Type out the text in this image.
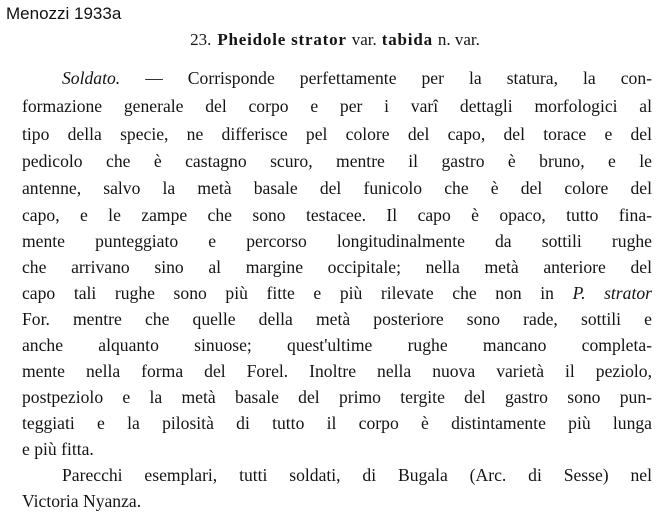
Menozzi 1933a
23. Pheidole strator var. tabida n. var.
Soldato. — Corrisponde perfettamente per la statura, la con-
formazione generale del corpo e per i varî dettagli morfologici al
tipo della specie, ne differisce pel colore del capo, del torace e del
pedicolo che è castagno scuro, mentre il gastro è bruno, e le
antenne, salvo la metà basale del funicolo che è del colore del
capo, e le zampe che sono testacee. Il capo è opaco, tutto fina-
mente punteggiato e percorso longitudinalmente da sottili rughe
che arrivano sino al margine occipitale; nella metà anteriore del
capo tali rughe sono più fitte e più rilevate che non in P. strator
For. mentre che quelle della metà posteriore sono rade, sottili e
anche alquanto sinuose; quest'ultime rughe mancano completa-
mente nella forma del Forel. Inoltre nella nuova varietà il peziolo,
postpeziolo e la metà basale del primo tergite del gastro sono pun-
teggiati e la pilosità di tutto il corpo è distintamente più lunga
e più fitta.
Parecchi esemplari, tutti soldati, di Bugala (Arc. di Sesse) nel
Victoria Nyanza.
